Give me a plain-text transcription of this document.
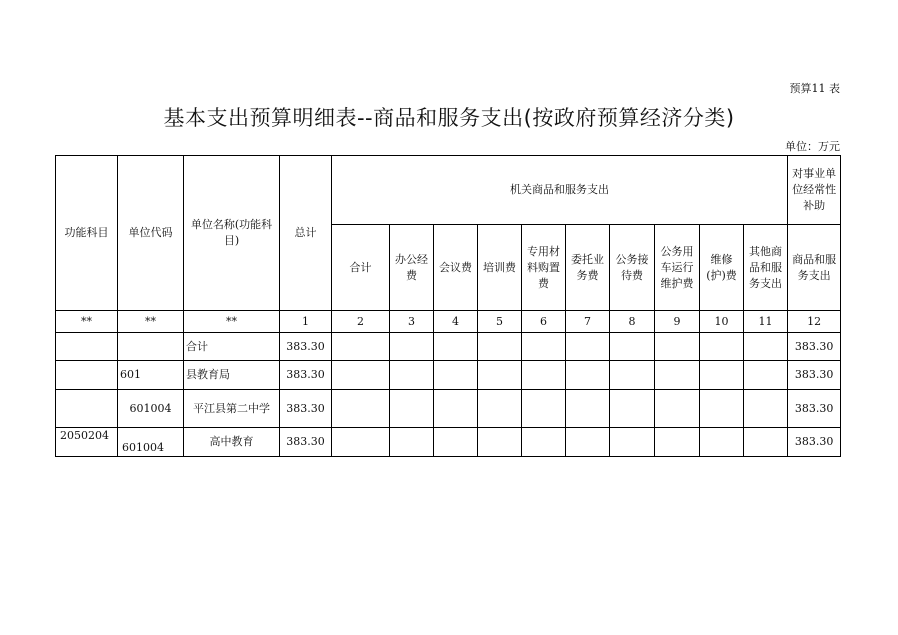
预算11 表
基本支出预算明细表--商品和服务支出(按政府预算经济分类)
单位：万元
功能科目	单位代码	单位名称(功能科目)	总计	机关商品和服务支出										对事业单位经常性补助
				合计	办公经费	会议费	培训费	专用材料购置费	委托业务费	公务接待费	公务用车运行维护费	维修(护)费	其他商品和服务支出	商品和服务支出
**	**	**	1	2	3	4	5	6	7	8	9	10	11	12
		合计	383.30											383.30
	601	县教育局	383.30											383.30
	601004	平江县第二中学	383.30											383.30
2050204	601004	高中教育	383.30											383.30
